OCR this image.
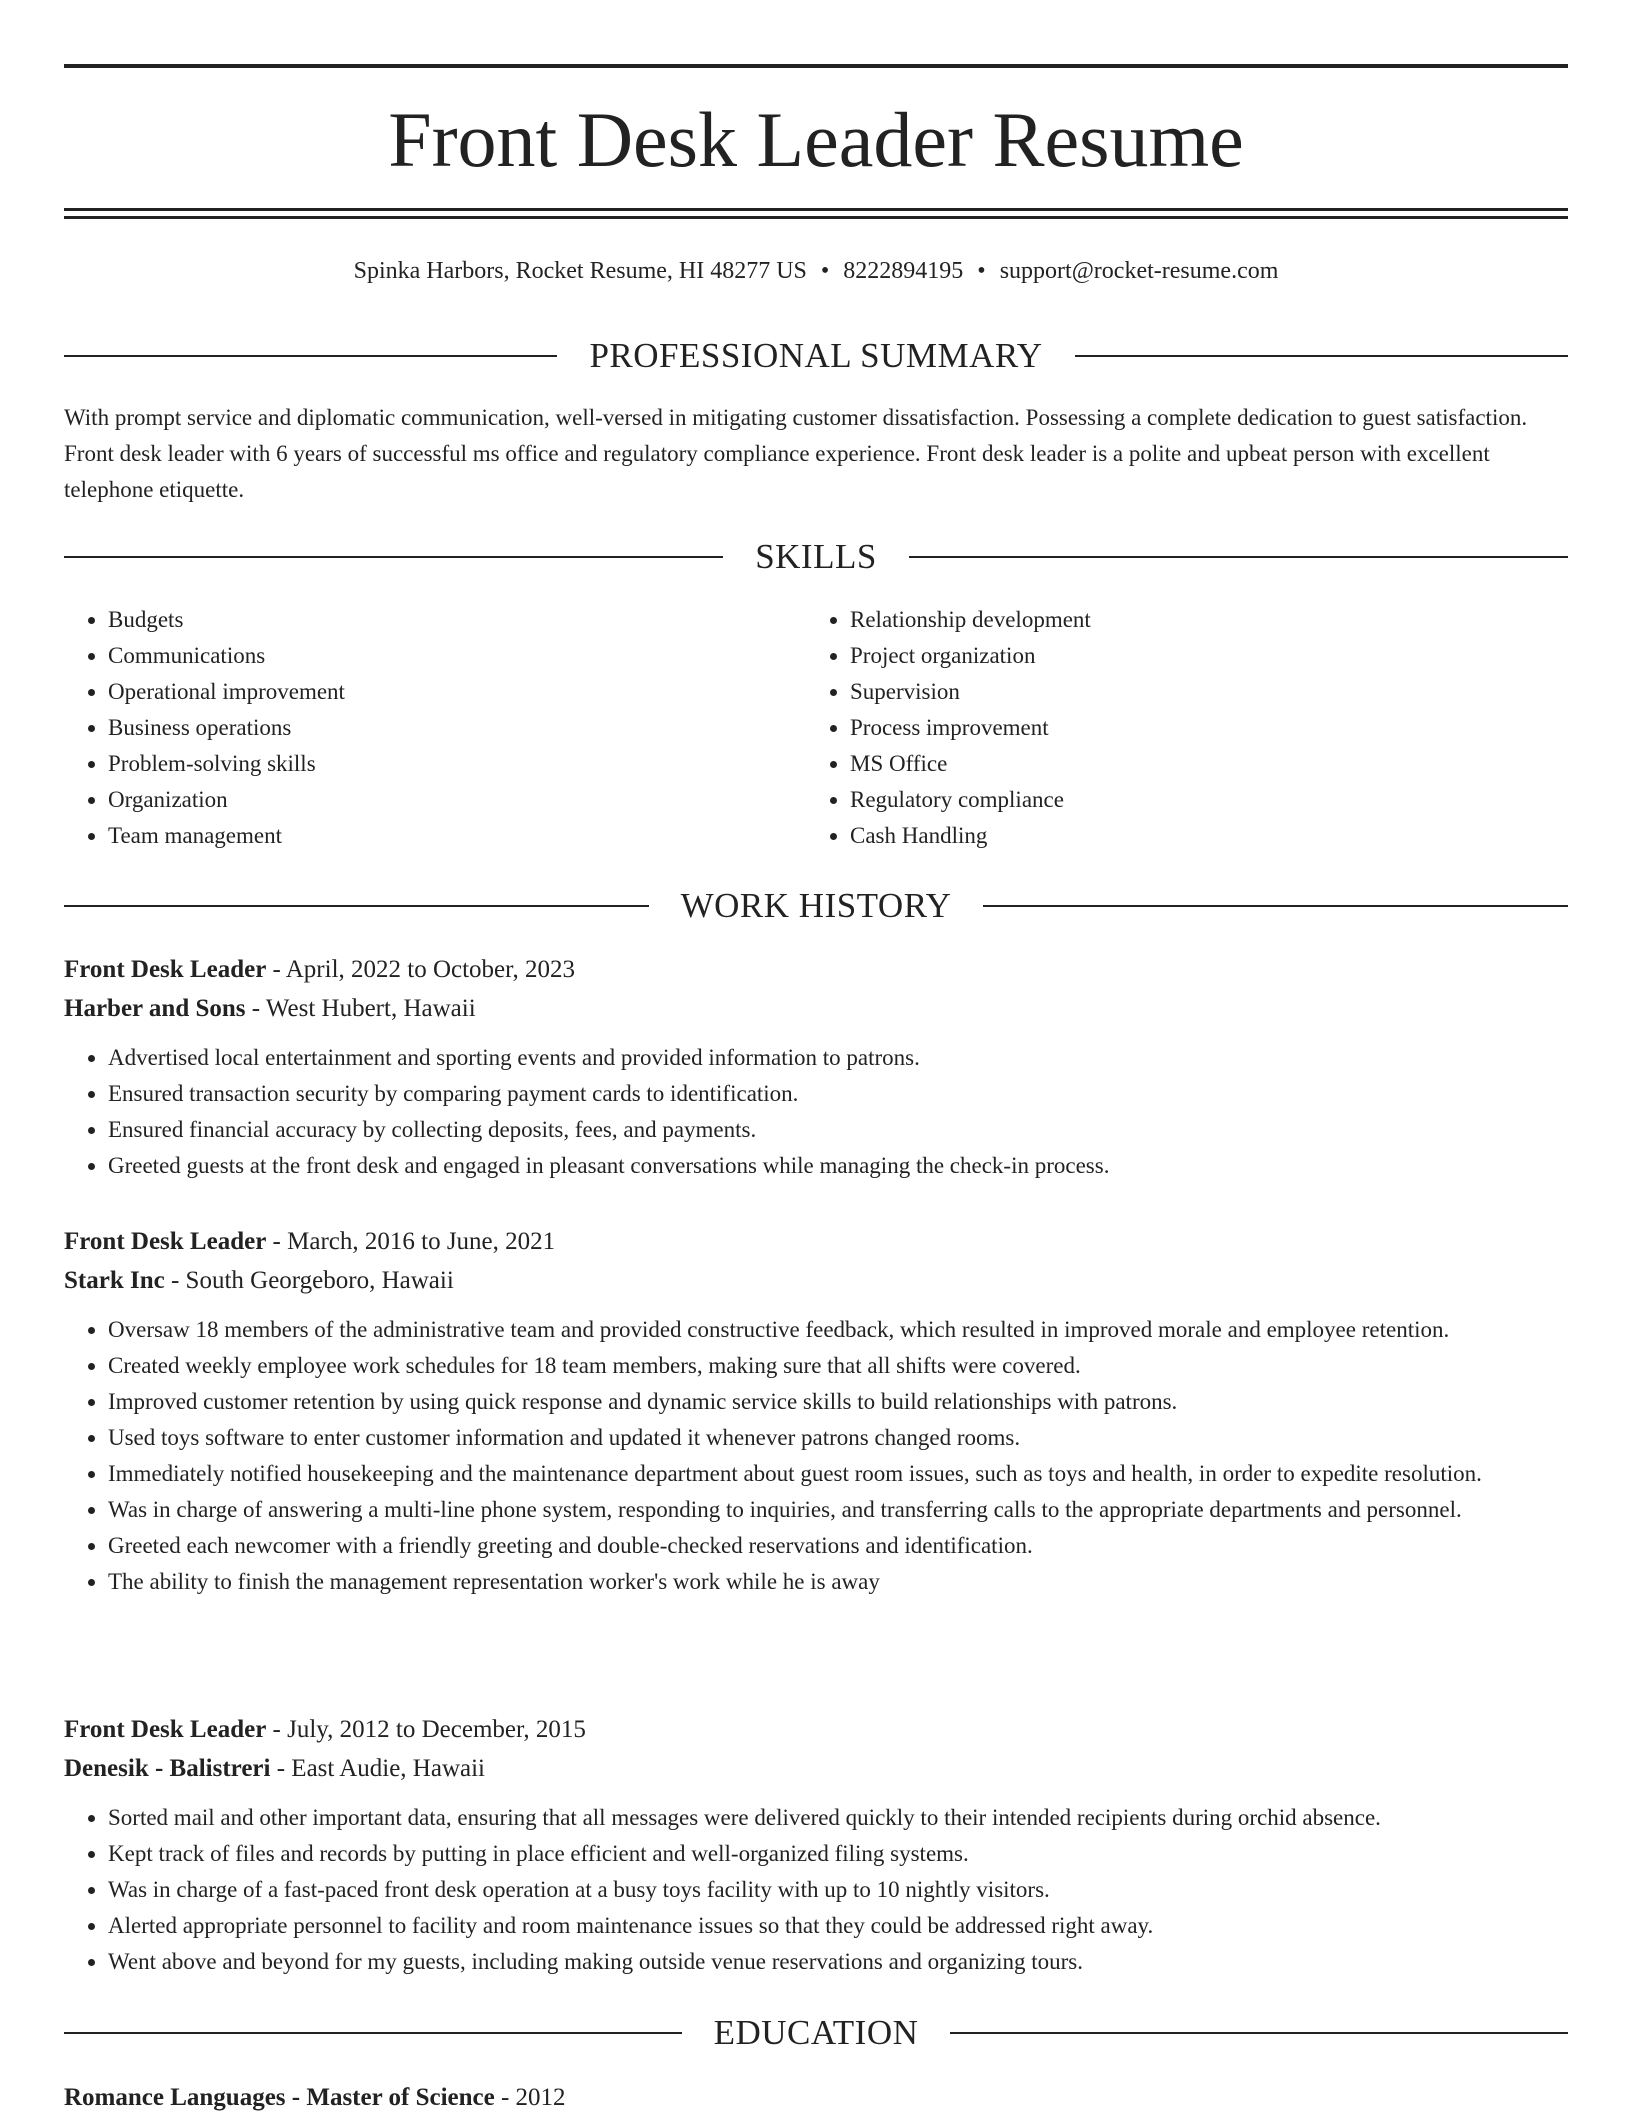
Front Desk Leader Resume
Spinka Harbors, Rocket Resume, HI 48277 US • 8222894195 • support@rocket-resume.com
PROFESSIONAL SUMMARY

With prompt service and diplomatic communication, well-versed in mitigating customer dissatisfaction. Possessing a complete dedication to guest satisfaction. Front desk leader with 6 years of successful ms office and regulatory compliance experience. Front desk leader is a polite and upbeat person with excellent telephone etiquette.

SKILLS
• Budgets
• Communications
• Operational improvement
• Business operations
• Problem-solving skills
• Organization
• Team management
• Relationship development
• Project organization
• Supervision
• Process improvement
• MS Office
• Regulatory compliance
• Cash Handling
WORK HISTORY
Front Desk Leader - April, 2022 to October, 2023
Harber and Sons - West Hubert, Hawaii
• Advertised local entertainment and sporting events and provided information to patrons.
• Ensured transaction security by comparing payment cards to identification.
• Ensured financial accuracy by collecting deposits, fees, and payments.
• Greeted guests at the front desk and engaged in pleasant conversations while managing the check-in process.
Front Desk Leader - March, 2016 to June, 2021
Stark Inc - South Georgeboro, Hawaii
• Oversaw 18 members of the administrative team and provided constructive feedback, which resulted in improved morale and employee retention.
• Created weekly employee work schedules for 18 team members, making sure that all shifts were covered.
• Improved customer retention by using quick response and dynamic service skills to build relationships with patrons.
• Used toys software to enter customer information and updated it whenever patrons changed rooms.
• Immediately notified housekeeping and the maintenance department about guest room issues, such as toys and health, in order to expedite resolution.
• Was in charge of answering a multi-line phone system, responding to inquiries, and transferring calls to the appropriate departments and personnel.
• Greeted each newcomer with a friendly greeting and double-checked reservations and identification.
• The ability to finish the management representation worker's work while he is away
Front Desk Leader - July, 2012 to December, 2015
Denesik - Balistreri - East Audie, Hawaii
• Sorted mail and other important data, ensuring that all messages were delivered quickly to their intended recipients during orchid absence.
• Kept track of files and records by putting in place efficient and well-organized filing systems.
• Was in charge of a fast-paced front desk operation at a busy toys facility with up to 10 nightly visitors.
• Alerted appropriate personnel to facility and room maintenance issues so that they could be addressed right away.
• Went above and beyond for my guests, including making outside venue reservations and organizing tours.
EDUCATION
Romance Languages - Master of Science - 2012
